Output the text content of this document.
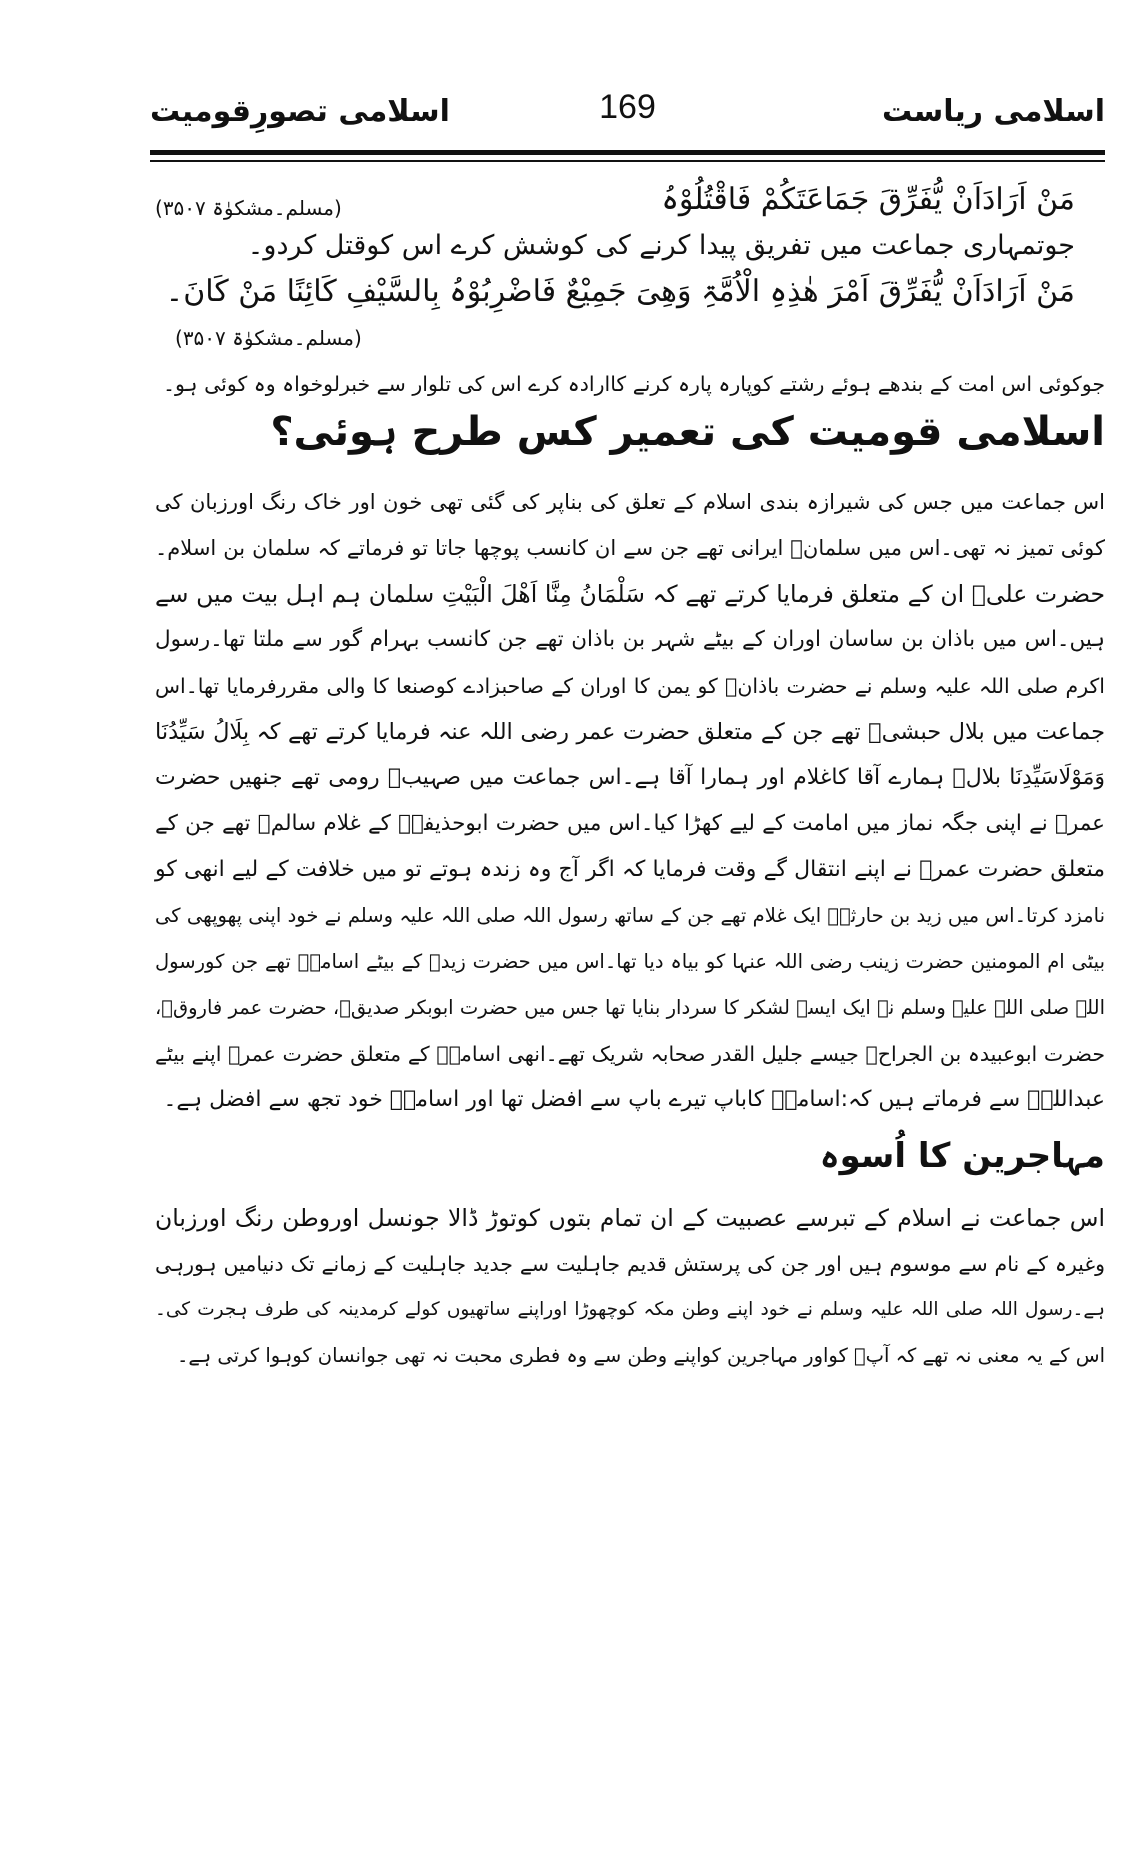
اسلامی ریاست
169
اسلامی تصورِقومیت
مَنْ اَرَادَاَنْ یُّفَرِّقَ جَمَاعَتَکُمْ فَاقْتُلُوْہُ
(مسلم۔مشکوٰۃ ۳۵۰۷)
جوتمہاری جماعت میں تفریق پیدا کرنے کی کوشش کرے اس کوقتل کردو۔
مَنْ اَرَادَاَنْ یُّفَرِّقَ اَمْرَ ھٰذِہِ الْاُمَّۃِ وَھِیَ جَمِیْعٌ فَاضْرِبُوْہُ بِالسَّیْفِ کَائِنًا مَنْ کَانَ۔
(مسلم۔مشکوٰۃ ۳۵۰۷)
جوکوئی اس امت کے بندھے ہوئے رشتے کوپارہ پارہ کرنے کاارادہ کرے اس کی تلوار سے خبرلوخواہ وہ کوئی ہو۔
اسلامی قومیت کی تعمیر کس طرح ہوئی؟
اس جماعت میں جس کی شیرازہ بندی اسلام کے تعلق کی بناپر کی گئی تھی خون اور خاک رنگ اورزبان کی
کوئی تمیز نہ تھی۔اس میں سلمانؓ ایرانی تھے جن سے ان کانسب پوچھا جاتا تو فرماتے کہ سلمان بن اسلام۔
حضرت علیؓ ان کے متعلق فرمایا کرتے تھے کہ سَلْمَانُ مِنَّا اَھْلَ الْبَیْتِ سلمان ہم اہل بیت میں سے
ہیں۔اس میں باذان بن ساسان اوران کے بیٹے شہر بن باذان تھے جن کانسب بہرام گور سے ملتا تھا۔رسول
اکرم صلی اللہ علیہ وسلم نے حضرت باذانؓ کو یمن کا اوران کے صاحبزادے کوصنعا کا والی مقررفرمایا تھا۔اس
جماعت میں بلال حبشیؓ تھے جن کے متعلق حضرت عمر رضی اللہ عنہ فرمایا کرتے تھے کہ بِلَالُ سَیِّدُنَا
وَمَوْلَاسَیِّدِنَا بلالؓ ہمارے آقا کاغلام اور ہمارا آقا ہے۔اس جماعت میں صہیبؓ رومی تھے جنھیں حضرت
عمرؓ نے اپنی جگہ نماز میں امامت کے لیے کھڑا کیا۔اس میں حضرت ابوحذیفہؓ کے غلام سالمؓ تھے جن کے
متعلق حضرت عمرؓ نے اپنے انتقال گے وقت فرمایا کہ اگر آج وہ زندہ ہوتے تو میں خلافت کے لیے انھی کو
نامزد کرتا۔اس میں زید بن حارثہؓ ایک غلام تھے جن کے ساتھ رسول اللہ صلی اللہ علیہ وسلم نے خود اپنی پھوپھی کی
بیٹی ام المومنین حضرت زینب رضی اللہ عنہا کو بیاہ دیا تھا۔اس میں حضرت زیدؓ کے بیٹے اسامہؓ تھے جن کورسول
اللہ صلی اللہ علیہ وسلم نے ایک ایسے لشکر کا سردار بنایا تھا جس میں حضرت ابوبکر صدیقؓ، حضرت عمر فاروقؓ،
حضرت ابوعبیدہ بن الجراحؓ جیسے جلیل القدر صحابہ شریک تھے۔انھی اسامہؓ کے متعلق حضرت عمرؓ اپنے بیٹے
عبداللہؓ سے فرماتے ہیں کہ:اسامہؓ کاباپ تیرے باپ سے افضل تھا اور اسامہؓ خود تجھ سے افضل ہے۔
مہاجرین کا اُسوہ
اس جماعت نے اسلام کے تبرسے عصبیت کے ان تمام بتوں کوتوڑ ڈالا جونسل اوروطن رنگ اورزبان
وغیرہ کے نام سے موسوم ہیں اور جن کی پرستش قدیم جاہلیت سے جدید جاہلیت کے زمانے تک دنیامیں ہورہی
ہے۔رسول اللہ صلی اللہ علیہ وسلم نے خود اپنے وطن مکہ کوچھوڑا اوراپنے ساتھیوں کولے کرمدینہ کی طرف ہجرت کی۔
اس کے یہ معنی نہ تھے کہ آپؐ کواور مہاجرین کواپنے وطن سے وہ فطری محبت نہ تھی جوانسان کوہوا کرتی ہے۔
